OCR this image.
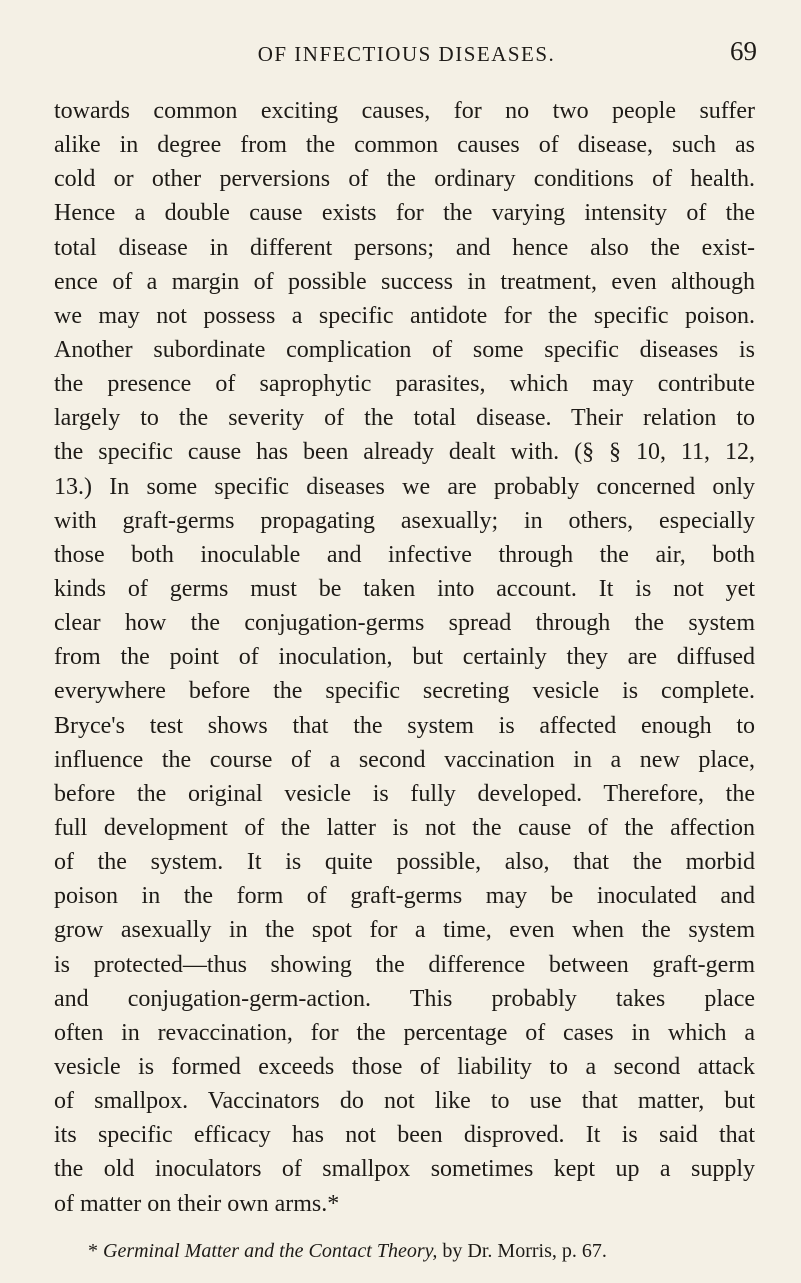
OF INFECTIOUS DISEASES.	69
towards common exciting causes, for no two people suffer
alike in degree from the common causes of disease, such as
cold or other perversions of the ordinary conditions of health.
Hence a double cause exists for the varying intensity of the
total disease in different persons; and hence also the exist-
ence of a margin of possible success in treatment, even although
we may not possess a specific antidote for the specific poison.
Another subordinate complication of some specific diseases is
the presence of saprophytic parasites, which may contribute
largely to the severity of the total disease. Their relation to
the specific cause has been already dealt with. (§ § 10, 11, 12,
13.) In some specific diseases we are probably concerned only
with graft-germs propagating asexually; in others, especially
those both inoculable and infective through the air, both
kinds of germs must be taken into account. It is not yet
clear how the conjugation-germs spread through the system
from the point of inoculation, but certainly they are diffused
everywhere before the specific secreting vesicle is complete.
Bryce's test shows that the system is affected enough to
influence the course of a second vaccination in a new place,
before the original vesicle is fully developed. Therefore, the
full development of the latter is not the cause of the affection
of the system. It is quite possible, also, that the morbid
poison in the form of graft-germs may be inoculated and
grow asexually in the spot for a time, even when the system
is protected—thus showing the difference between graft-germ
and conjugation-germ-action. This probably takes place
often in revaccination, for the percentage of cases in which a
vesicle is formed exceeds those of liability to a second attack
of smallpox. Vaccinators do not like to use that matter, but
its specific efficacy has not been disproved. It is said that
the old inoculators of smallpox sometimes kept up a supply
of matter on their own arms.*
* Germinal Matter and the Contact Theory, by Dr. Morris, p. 67.
